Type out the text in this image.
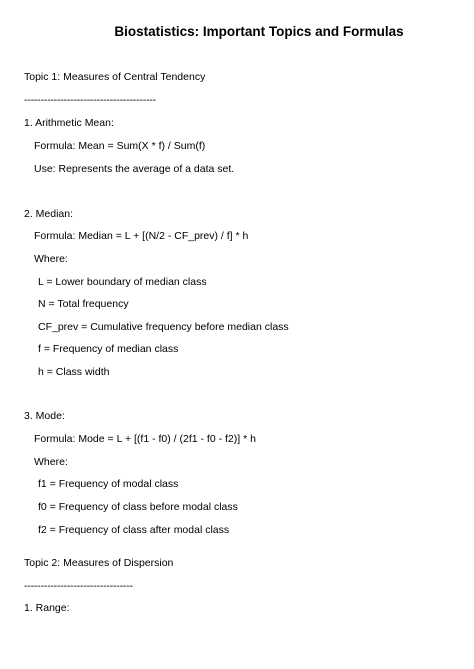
Biostatistics: Important Topics and Formulas
Topic 1: Measures of Central Tendency
----------------------------------------
1. Arithmetic Mean:
Formula: Mean = Sum(X * f) / Sum(f)
Use: Represents the average of a data set.
2. Median:
Formula: Median = L + [(N/2 - CF_prev) / f] * h
Where:
L = Lower boundary of median class
N = Total frequency
CF_prev = Cumulative frequency before median class
f = Frequency of median class
h = Class width
3. Mode:
Formula: Mode = L + [(f1 - f0) / (2f1 - f0 - f2)] * h
Where:
f1 = Frequency of modal class
f0 = Frequency of class before modal class
f2 = Frequency of class after modal class
Topic 2: Measures of Dispersion
---------------------------------
1. Range:
